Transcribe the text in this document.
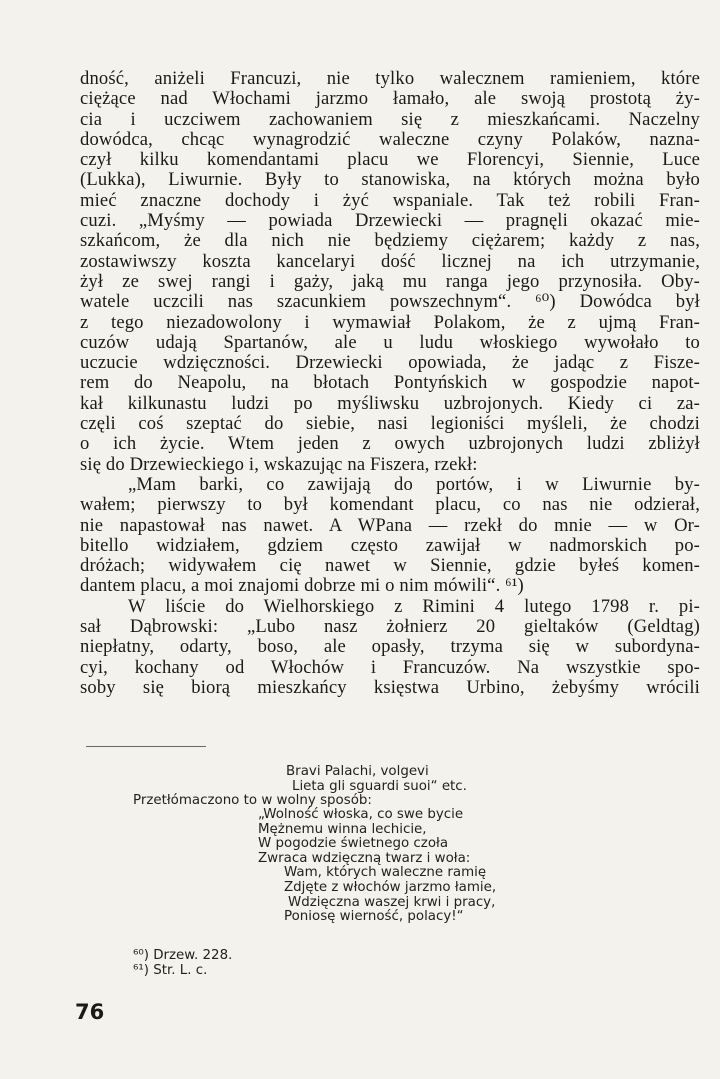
dność, aniżeli Francuzi, nie tylko walecznem ramieniem, które
ciężące nad Włochami jarzmo łamało, ale swoją prostotą ży-
cia i uczciwem zachowaniem się z mieszkańcami. Naczelny
dowódca, chcąc wynagrodzić waleczne czyny Polaków, nazna-
czył kilku komendantami placu we Florencyi, Siennie, Luce
(Lukka), Liwurnie. Były to stanowiska, na których można było
mieć znaczne dochody i żyć wspaniale. Tak też robili Fran-
cuzi. „Myśmy — powiada Drzewiecki — pragnęli okazać mie-
szkańcom, że dla nich nie będziemy ciężarem; każdy z nas,
zostawiwszy koszta kancelaryi dość licznej na ich utrzymanie,
żył ze swej rangi i gaży, jaką mu ranga jego przynosiła. Oby-
watele uczcili nas szacunkiem powszechnym“. ⁶⁰) Dowódca był
z tego niezadowolony i wymawiał Polakom, że z ujmą Fran-
cuzów udają Spartanów, ale u ludu włoskiego wywołało to
uczucie wdzięczności. Drzewiecki opowiada, że jadąc z Fisze-
rem do Neapolu, na błotach Pontyńskich w gospodzie napot-
kał kilkunastu ludzi po myśliwsku uzbrojonych. Kiedy ci za-
częli coś szeptać do siebie, nasi legioniści myśleli, że chodzi
o ich życie. Wtem jeden z owych uzbrojonych ludzi zbliżył
się do Drzewieckiego i, wskazując na Fiszera, rzekł:
„Mam barki, co zawijają do portów, i w Liwurnie by-
wałem; pierwszy to był komendant placu, co nas nie odzierał,
nie napastował nas nawet. A WPana — rzekł do mnie — w Or-
bitello widziałem, gdziem często zawijał w nadmorskich po-
dróżach; widywałem cię nawet w Siennie, gdzie byłeś komen-
dantem placu, a moi znajomi dobrze mi o nim mówili“. ⁶¹)
W liście do Wielhorskiego z Rimini 4 lutego 1798 r. pi-
sał Dąbrowski: „Lubo nasz żołnierz 20 gieltaków (Geldtag)
niepłatny, odarty, boso, ale opasły, trzyma się w subordyna-
cyi, kochany od Włochów i Francuzów. Na wszystkie spo-
soby się biorą mieszkańcy księstwa Urbino, żebyśmy wrócili
Bravi Palachi, volgevi
Lieta gli sguardi suoi“ etc.
Przetłómaczono to w wolny sposób:
„Wolność włoska, co swe bycie
Mężnemu winna lechicie,
W pogodzie świetnego czoła
Zwraca wdzięczną twarz i woła:
Wam, których waleczne ramię
Zdjęte z włochów jarzmo łamie,
Wdzięczna waszej krwi i pracy,
Poniosę wierność, polacy!“
⁶⁰) Drzew. 228.
⁶¹) Str. L. c.
76
